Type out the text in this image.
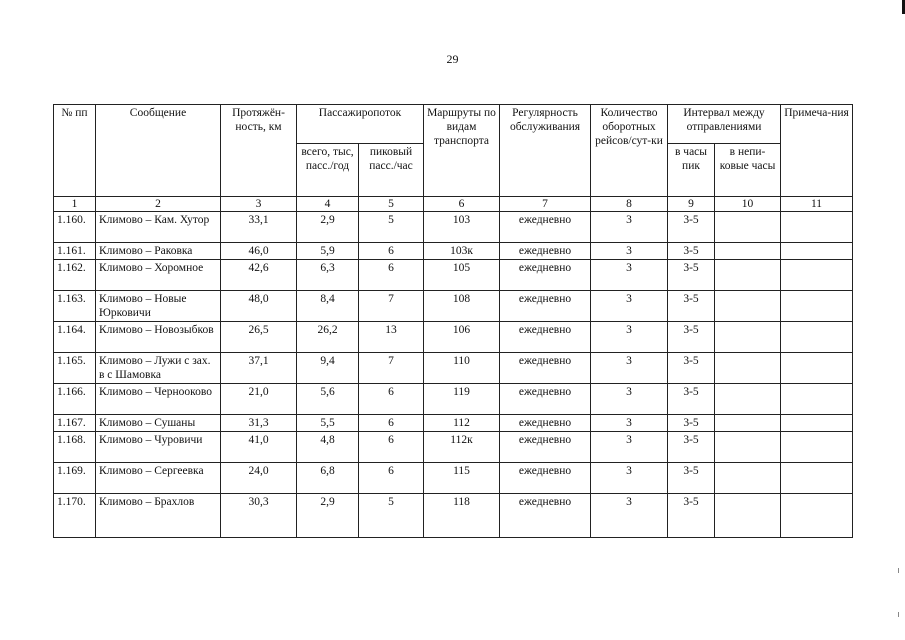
29
№ пп	Сообщение	Протяжён-ность, км	Пассажиропоток		Маршруты по видам транспорта	Регулярность обслуживания	Количество оборотных рейсов/сут-ки	Интервал между отправлениями		Примеча-ния
			всего, тыс, пасс./год	пиковый пасс./час				в часы пик	в непи-ковые часы	
1	2	3	4	5	6	7	8	9	10	11
1.160.	Климово – Кам. Хутор	33,1	2,9	5	103	ежедневно	3	3-5		
1.161.	Климово – Раковка	46,0	5,9	6	103к	ежедневно	3	3-5		
1.162.	Климово – Хоромное	42,6	6,3	6	105	ежедневно	3	3-5		
1.163.	Климово – Новые Юрковичи	48,0	8,4	7	108	ежедневно	3	3-5		
1.164.	Климово – Новозыбков	26,5	26,2	13	106	ежедневно	3	3-5		
1.165.	Климово – Лужи с зах. в с Шамовка	37,1	9,4	7	110	ежедневно	3	3-5		
1.166.	Климово – Чернооково	21,0	5,6	6	119	ежедневно	3	3-5		
1.167.	Климово – Сушаны	31,3	5,5	6	112	ежедневно	3	3-5		
1.168.	Климово – Чуровичи	41,0	4,8	6	112к	ежедневно	3	3-5		
1.169.	Климово – Сергеевка	24,0	6,8	6	115	ежедневно	3	3-5		
1.170.	Климово – Брахлов	30,3	2,9	5	118	ежедневно	3	3-5		
